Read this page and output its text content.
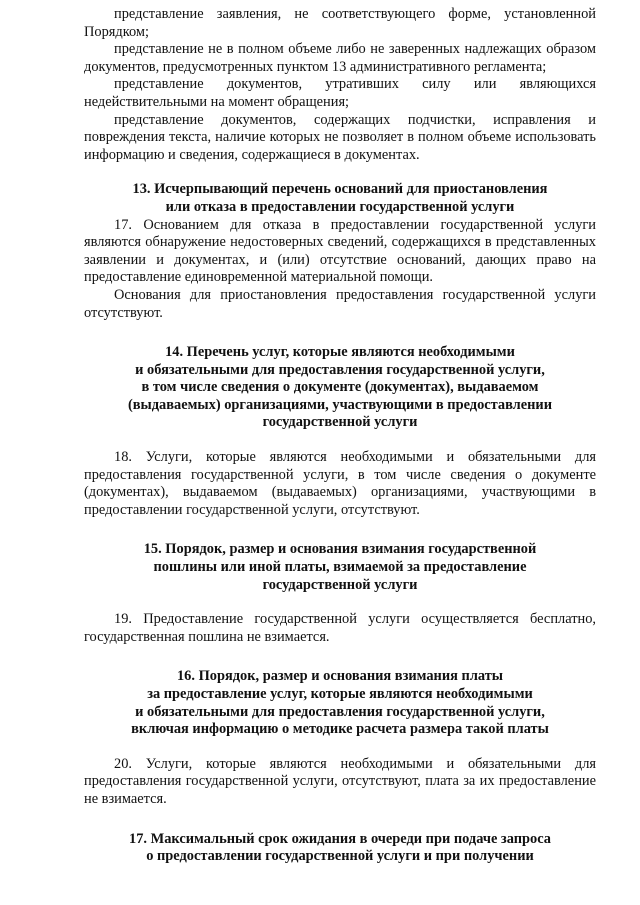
представление заявления, не соответствующего форме, установленной Порядком;

представление не в полном объеме либо не заверенных надлежащих образом документов, предусмотренных пунктом 13 административного регламента;

представление документов, утративших силу или являющихся недействительными на момент обращения;

представление документов, содержащих подчистки, исправления и повреждения текста, наличие которых не позволяет в полном объеме использовать информацию и сведения, содержащиеся в документах.

13. Исчерпывающий перечень оснований для приостановления

или отказа в предоставлении государственной услуги

17. Основанием для отказа в предоставлении государственной услуги являются обнаружение недостоверных сведений, содержащихся в представленных заявлении и документах, и (или) отсутствие оснований, дающих право на предоставление единовременной материальной помощи.

Основания для приостановления предоставления государственной услуги отсутствуют.

14. Перечень услуг, которые являются необходимыми

и обязательными для предоставления государственной услуги,

в том числе сведения о документе (документах), выдаваемом

(выдаваемых) организациями, участвующими в предоставлении

государственной услуги

18. Услуги, которые являются необходимыми и обязательными для предоставления государственной услуги, в том числе сведения о документе (документах), выдаваемом (выдаваемых) организациями, участвующими в предоставлении государственной услуги, отсутствуют.

15. Порядок, размер и основания взимания государственной

пошлины или иной платы, взимаемой за предоставление

государственной услуги

19. Предоставление государственной услуги осуществляется бесплатно, государственная пошлина не взимается.

16. Порядок, размер и основания взимания платы

за предоставление услуг, которые являются необходимыми

и обязательными для предоставления государственной услуги,

включая информацию о методике расчета размера такой платы

20. Услуги, которые являются необходимыми и обязательными для предоставления государственной услуги, отсутствуют, плата за их предоставление не взимается.

17. Максимальный срок ожидания в очереди при подаче запроса

о предоставлении государственной услуги и при получении
